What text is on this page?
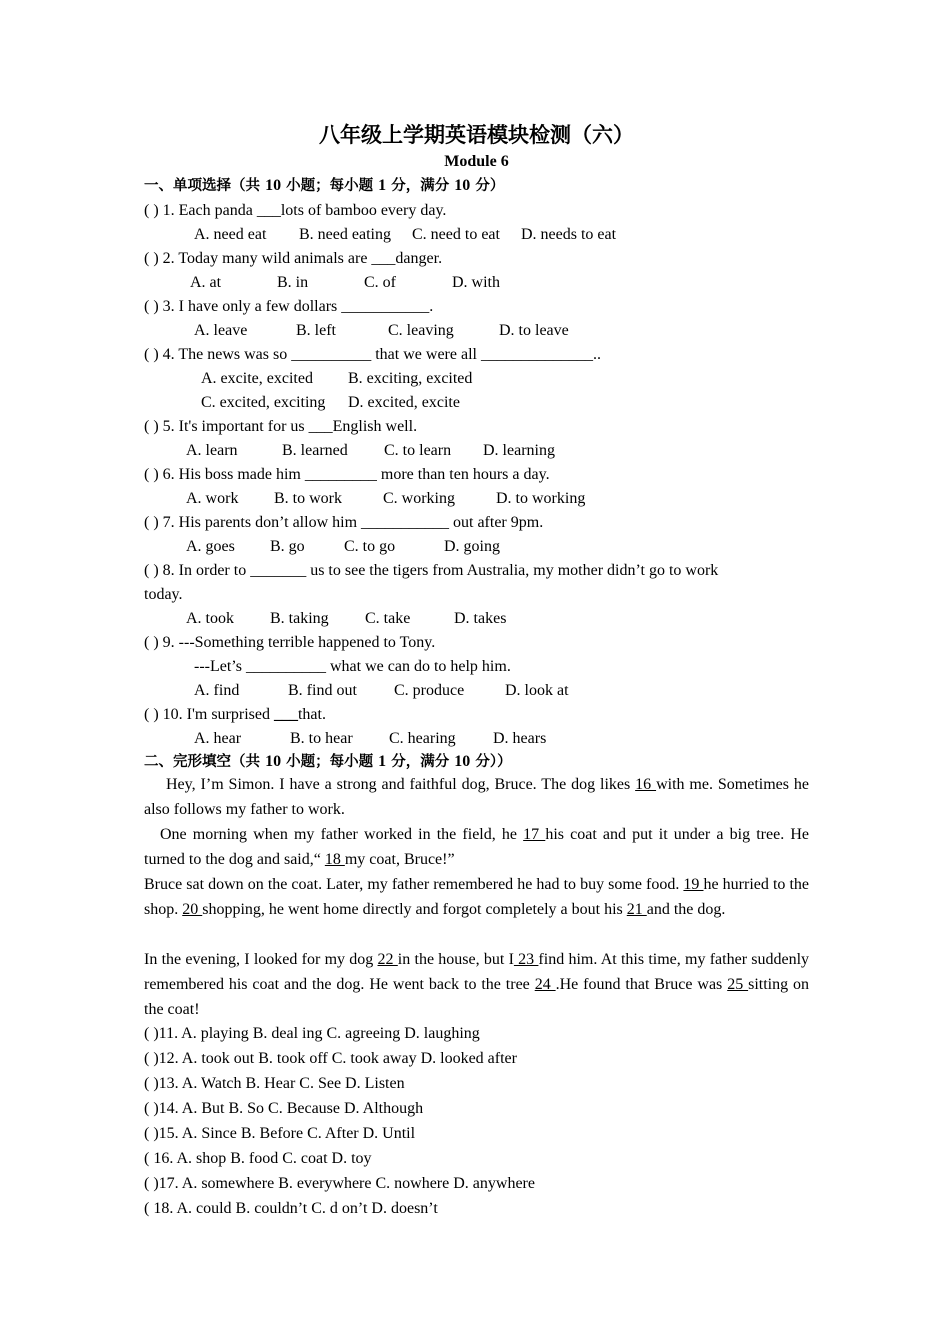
八年级上学期英语模块检测（六）
Module 6
一、单项选择（共 10 小题；每小题 1 分，满分 10 分）
( ) 1. Each panda ___lots of bamboo every day.
A. need eat B. need eating C. need to eat D. needs to eat
( ) 2. Today many wild animals are ___danger.
A. at	B. in	C. of	D. with
( ) 3. I have only a few dollars ___________.
A. leave	B. left	C. leaving	D. to leave
( ) 4. The news was so __________ that we were all ______________..
A. excite, excited B. exciting, excited
C. excited, exciting D. excited, excite
( ) 5. It's important for us ___English well.
A. learn	B. learned C. to learn D. learning
( ) 6. His boss made him _________ more than ten hours a day.
A. work B. to work	C. working	D. to working
( ) 7. His parents don’t allow him ___________ out after 9pm.
A. goes B. go C. to go	D. going
( ) 8. In order to _______ us to see the tigers from Australia, my mother didn’t go to work
today.
A. took B. taking C. take	D. takes
( ) 9. ---Something terrible happened to Tony.
---Let’s __________ what we can do to help him.
A. find	B. find out C. produce	D. look at
( ) 10. I'm surprised ___that.
A. hear	B. to hear C. hearing D. hears
二、完形填空（共 10 小题；每小题 1 分，满分 10 分））
Hey, I’m Simon. I have a strong and faithful dog, Bruce. The dog likes 16 with me. Sometimes he also follows my father to work.
One morning when my father worked in the field, he 17 his coat and put it under a big tree. He turned to the dog and said,“ 18 my coat, Bruce!”
Bruce sat down on the coat. Later, my father remembered he had to buy some food. 19 he hurried to the shop. 20 shopping, he went home directly and forgot completely a bout his 21 and the dog.
In the evening, I looked for my dog 22 in the house, but I 23 find him. At this time, my father suddenly remembered his coat and the dog. He went back to the tree 24 .He found that Bruce was 25 sitting on the coat!
( )11. A. playing B. deal ing C. agreeing D. laughing
( )12. A. took out B. took off C. took away D. looked after
( )13. A. Watch B. Hear C. See D. Listen
( )14. A. But B. So C. Because D. Although
( )15. A. Since B. Before C. After D. Until
( 16. A. shop B. food C. coat D. toy
( )17. A. somewhere B. everywhere C. nowhere D. anywhere
( 18. A. could B. couldn’t C. d on’t D. doesn’t
